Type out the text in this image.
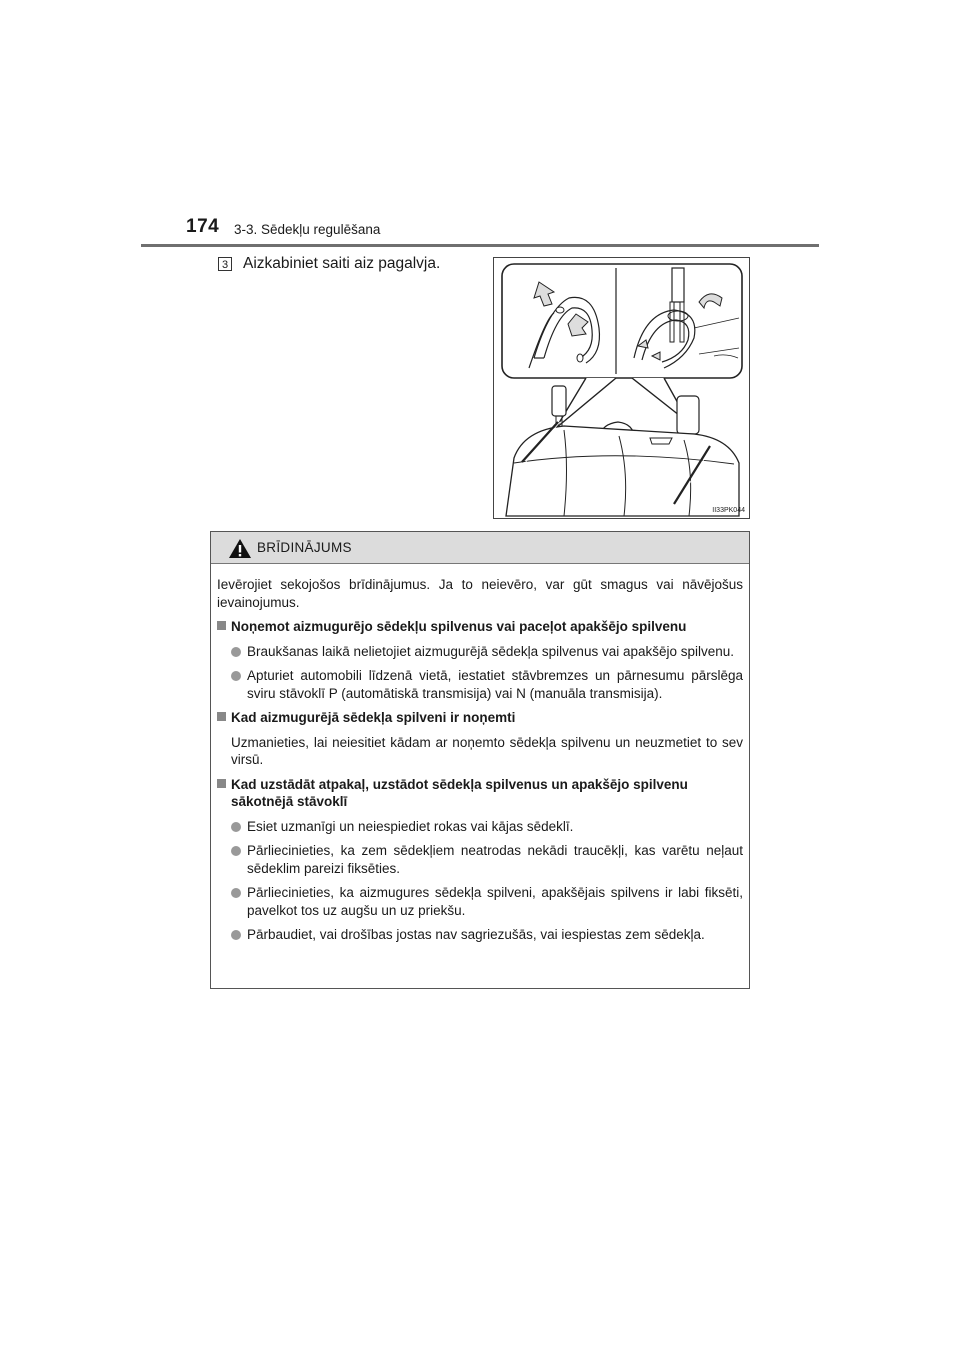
174 3-3. Sēdekļu regulēšana
3 Aizkabiniet saiti aiz pagalvja.
II33PK044
BRĪDINĀJUMS

Ievērojiet sekojošos brīdinājumus. Ja to neievēro, var gūt smagus vai nāvējošus ievainojumus.

Noņemot aizmugurējo sēdekļu spilvenus vai paceļot apakšējo spilvenu

Braukšanas laikā nelietojiet aizmugurējā sēdekļa spilvenus vai apakšējo spilvenu.
Apturiet automobili līdzenā vietā, iestatiet stāvbremzes un pārnesumu pārslēga sviru stāvoklī P (automātiskā transmisija) vai N (manuāla transmisija).

Kad aizmugurējā sēdekļa spilveni ir noņemti

Uzmanieties, lai neiesitiet kādam ar noņemto sēdekļa spilvenu un neuzmetiet to sev virsū.

Kad uzstādāt atpakaļ, uzstādot sēdekļa spilvenus un apakšējo spilvenu sākotnējā stāvoklī

Esiet uzmanīgi un neiespiediet rokas vai kājas sēdeklī.
Pārliecinieties, ka zem sēdekļiem neatrodas nekādi traucēkļi, kas varētu neļaut sēdeklim pareizi fiksēties.
Pārliecinieties, ka aizmugures sēdekļa spilveni, apakšējais spilvens ir labi fiksēti, pavelkot tos uz augšu un uz priekšu.
Pārbaudiet, vai drošības jostas nav sagriezušās, vai iespiestas zem sēdekļa.
